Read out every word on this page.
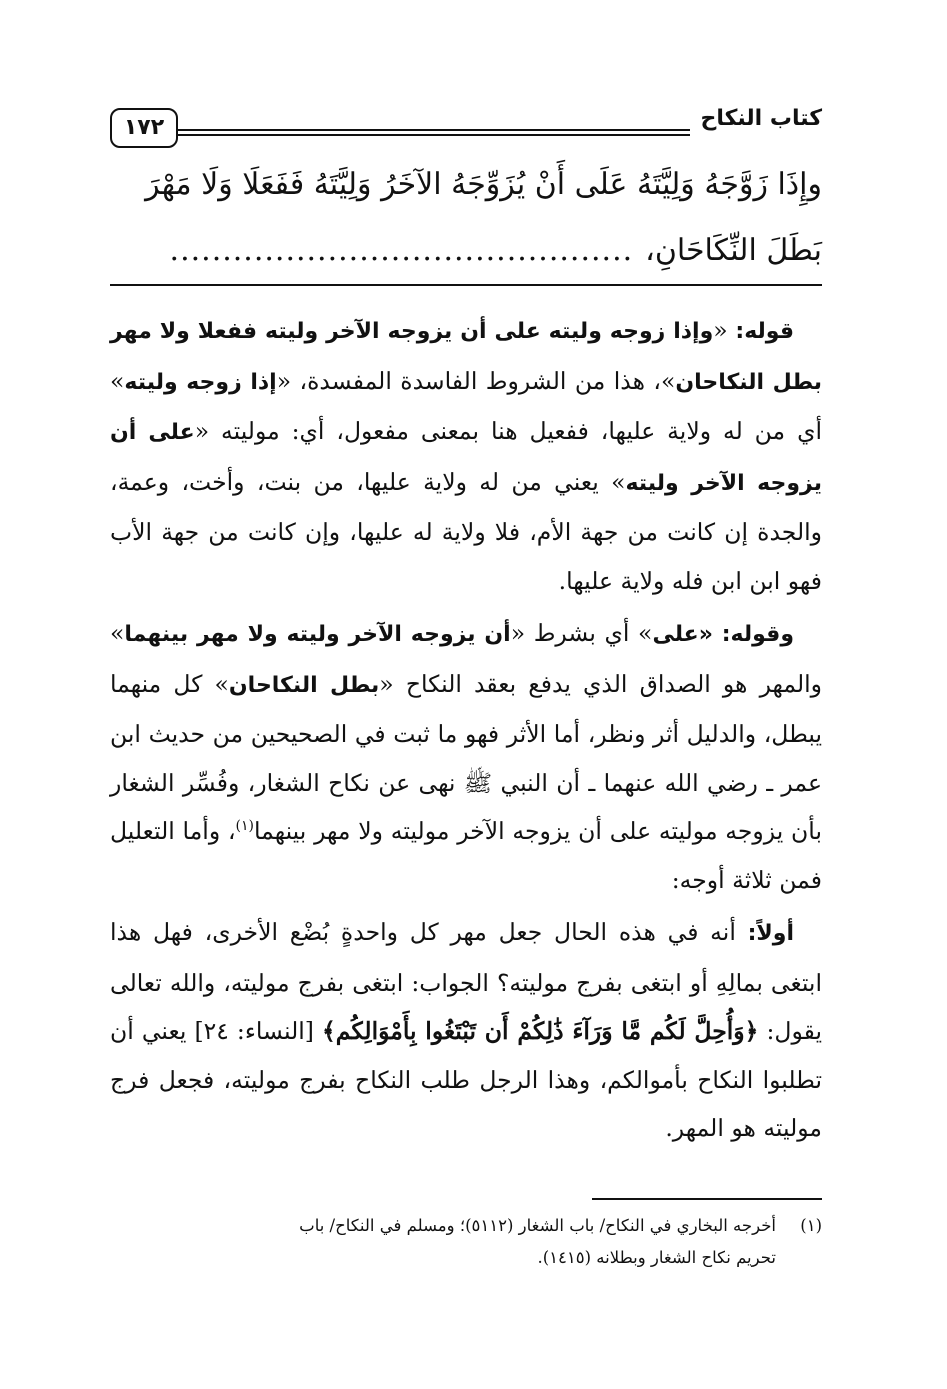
كتاب النكاح
١٧٢
وإِذَا زَوَّجَهُ وَلِيَّتَهُ عَلَى أَنْ يُزَوِّجَهُ الآخَرُ وَلِيَّتَهُ فَفَعَلَا وَلَا مَهْرَ
بَطَلَ النِّكَاحَانِ،............................................

قوله: «وإذا زوجه وليته على أن يزوجه الآخر وليته ففعلا ولا مهر بطل النكاحان»، هذا من الشروط الفاسدة المفسدة، «إذا زوجه وليته» أي من له ولاية عليها، ففعيل هنا بمعنى مفعول، أي: موليته «على أن يزوجه الآخر وليته» يعني من له ولاية عليها، من بنت، وأخت، وعمة، والجدة إن كانت من جهة الأم، فلا ولاية له عليها، وإن كانت من جهة الأب فهو ابن ابن فله ولاية عليها.

وقوله: «على» أي بشرط «أن يزوجه الآخر وليته ولا مهر بينهما» والمهر هو الصداق الذي يدفع بعقد النكاح «بطل النكاحان» كل منهما يبطل، والدليل أثر ونظر، أما الأثر فهو ما ثبت في الصحيحين من حديث ابن عمر ـ رضي الله عنهما ـ أن النبي ﷺ نهى عن نكاح الشغار، وفُسِّر الشغار بأن يزوجه موليته على أن يزوجه الآخر موليته ولا مهر بينهما$^{(١)}$، وأما التعليل فمن ثلاثة أوجه:

أولاً: أنه في هذه الحال جعل مهر كل واحدةٍ بُضْع الأخرى، فهل هذا ابتغى بمالِهِ أو ابتغى بفرج موليته؟ الجواب: ابتغى بفرج موليته، والله تعالى يقول: ﴿وَأُحِلَّ لَكُم مَّا وَرَآءَ ذَٰلِكُمْ أَن تَبْتَغُوا بِأَمْوَالِكُم﴾ [النساء: ٢٤] يعني أن تطلبوا النكاح بأموالكم، وهذا الرجل طلب النكاح بفرج موليته، فجعل فرج موليته هو المهر.

(١)أخرجه البخاري في النكاح/ باب الشغار (٥١١٢)؛ ومسلم في النكاح/ باب
تحريم نكاح الشغار وبطلانه (١٤١٥).
